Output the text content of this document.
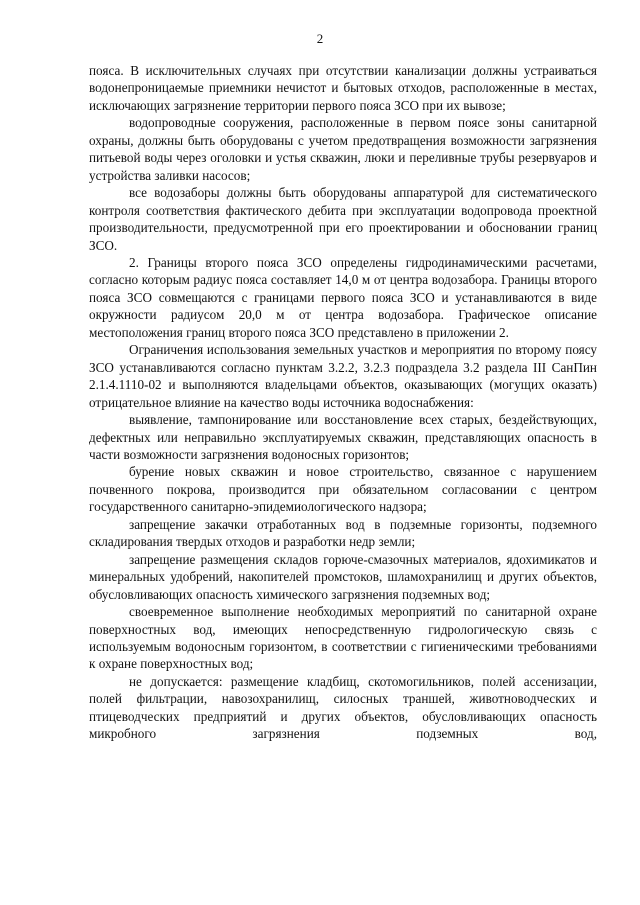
2

пояса. В исключительных случаях при отсутствии канализации должны устраиваться водонепроницаемые приемники нечистот и бытовых отходов, расположенные в местах, исключающих загрязнение территории первого пояса ЗСО при их вывозе;

водопроводные сооружения, расположенные в первом поясе зоны санитарной охраны, должны быть оборудованы с учетом предотвращения возможности загрязнения питьевой воды через оголовки и устья скважин, люки и переливные трубы резервуаров и устройства заливки насосов;

все водозаборы должны быть оборудованы аппаратурой для систематического контроля соответствия фактического дебита при эксплуатации водопровода проектной производительности, предусмотренной при его проектировании и обосновании границ ЗСО.

2. Границы второго пояса ЗСО определены гидродинамическими расчетами, согласно которым радиус пояса составляет 14,0 м от центра водозабора. Границы второго пояса ЗСО совмещаются с границами первого пояса ЗСО и устанавливаются в виде окружности радиусом 20,0 м от центра водозабора. Графическое описание местоположения границ второго пояса ЗСО представлено в приложении 2.

Ограничения использования земельных участков и мероприятия по второму поясу ЗСО устанавливаются согласно пунктам 3.2.2, 3.2.3 подраздела 3.2 раздела III СанПин 2.1.4.1110-02 и выполняются владельцами объектов, оказывающих (могущих оказать) отрицательное влияние на качество воды источника водоснабжения:

выявление, тампонирование или восстановление всех старых, бездействующих, дефектных или неправильно эксплуатируемых скважин, представляющих опасность в части возможности загрязнения водоносных горизонтов;

бурение новых скважин и новое строительство, связанное с нарушением почвенного покрова, производится при обязательном согласовании с центром государственного санитарно-эпидемиологического надзора;

запрещение закачки отработанных вод в подземные горизонты, подземного складирования твердых отходов и разработки недр земли;

запрещение размещения складов горюче-смазочных материалов, ядохимикатов и минеральных удобрений, накопителей промстоков, шламохранилищ и других объектов, обусловливающих опасность химического загрязнения подземных вод;

своевременное выполнение необходимых мероприятий по санитарной охране поверхностных вод, имеющих непосредственную гидрологическую связь с используемым водоносным горизонтом, в соответствии с гигиеническими требованиями к охране поверхностных вод;

не допускается: размещение кладбищ, скотомогильников, полей ассенизации, полей фильтрации, навозохранилищ, силосных траншей, животноводческих и птицеводческих предприятий и других объектов, обусловливающих опасность микробного загрязнения подземных вод,
